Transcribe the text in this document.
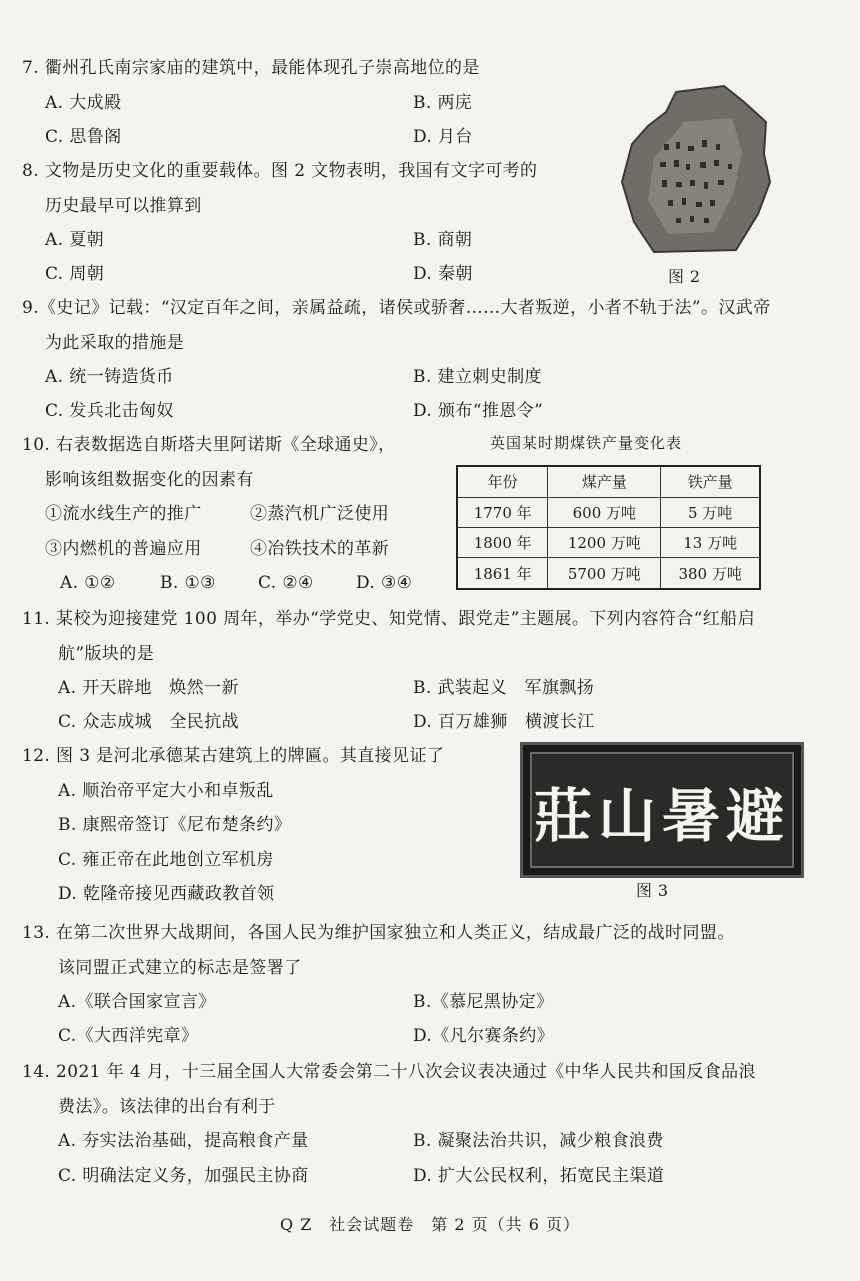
7. 衢州孔氏南宗家庙的建筑中，最能体现孔子崇高地位的是
A. 大成殿	B. 两庑
C. 思鲁阁	D. 月台
图 2
8. 文物是历史文化的重要载体。图 2 文物表明，我国有文字可考的
历史最早可以推算到
A. 夏朝	B. 商朝
C. 周朝	D. 秦朝
9.《史记》记载：“汉定百年之间，亲属益疏，诸侯或骄奢……大者叛逆，小者不轨于法”。汉武帝
为此采取的措施是
A. 统一铸造货币	B. 建立刺史制度
C. 发兵北击匈奴	D. 颁布“推恩令”
10. 右表数据选自斯塔夫里阿诺斯《全球通史》，
影响该组数据变化的因素有
①流水线生产的推广	②蒸汽机广泛使用
③内燃机的普遍应用	④冶铁技术的革新
A. ①②	B. ①③ C. ②④ D. ③④
英国某时期煤铁产量变化表
年份	煤产量	铁产量
1770 年	600 万吨	5 万吨
1800 年	1200 万吨	13 万吨
1861 年	5700 万吨	380 万吨
11. 某校为迎接建党 100 周年，举办“学党史、知党情、跟党走”主题展。下列内容符合“红船启
航”版块的是
A. 开天辟地　焕然一新	B. 武装起义　军旗飘扬
C. 众志成城　全民抗战	D. 百万雄狮　横渡长江
12. 图 3 是河北承德某古建筑上的牌匾。其直接见证了
A. 顺治帝平定大小和卓叛乱
B. 康熙帝签订《尼布楚条约》
C. 雍正帝在此地创立军机房
D. 乾隆帝接见西藏政教首领
莊山暑避
图 3
13. 在第二次世界大战期间，各国人民为维护国家独立和人类正义，结成最广泛的战时同盟。
该同盟正式建立的标志是签署了
A.《联合国家宣言》	B.《慕尼黑协定》
C.《大西洋宪章》	D.《凡尔赛条约》
14. 2021 年 4 月，十三届全国人大常委会第二十八次会议表决通过《中华人民共和国反食品浪
费法》。该法律的出台有利于
A. 夯实法治基础，提高粮食产量	B. 凝聚法治共识，减少粮食浪费
C. 明确法定义务，加强民主协商	D. 扩大公民权利，拓宽民主渠道
Q Z　社会试题卷　第 2 页（共 6 页）
